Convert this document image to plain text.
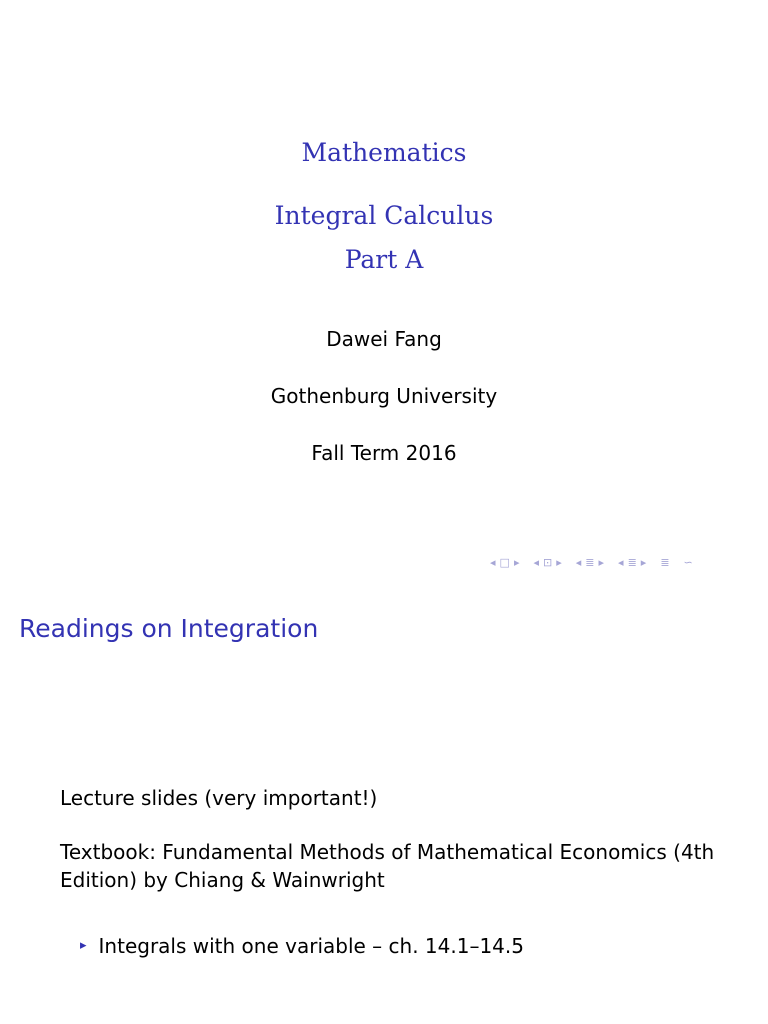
Mathematics
Integral Calculus
Part A
Dawei Fang
Gothenburg University
Fall Term 2016
◂ □ ▸ ◂ ⊡ ▸ ◂ ≣ ▸ ◂ ≣ ▸ ≣ ∽
Readings on Integration
Lecture slides (very important!)
Textbook: Fundamental Methods of Mathematical Economics (4th Edition) by Chiang & Wainwright
▸ Integrals with one variable – ch. 14.1–14.5
